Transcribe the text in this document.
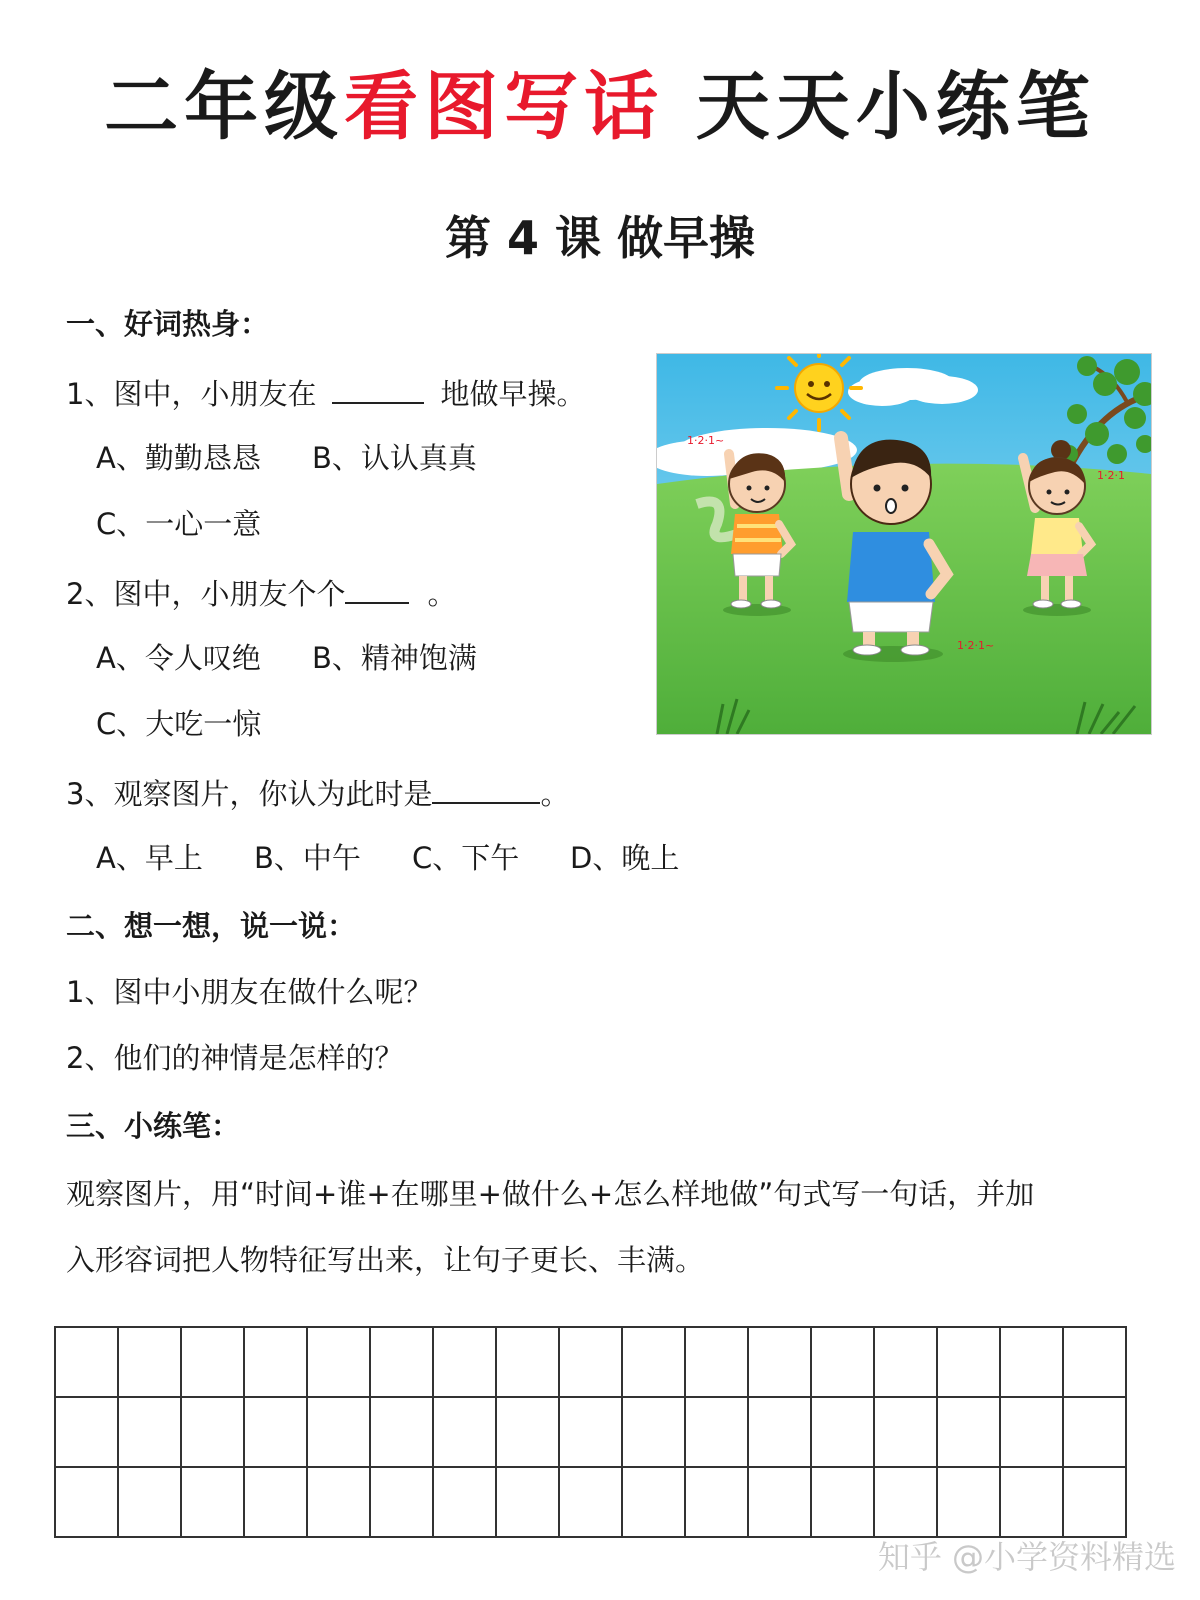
二年级看图写话 天天小练笔
第 4 课 做早操
一、好词热身：
1、图中，小朋友在	地做早操。
A、勤勤恳恳 B、认认真真
C、一心一意
2、图中，小朋友个个	。
A、令人叹绝 B、精神饱满
C、大吃一惊
3、观察图片，你认为此时是	。
A、早上 B、中午 C、下午 D、晚上
1·2·1~
1·2·1~
1·2·1
二、想一想，说一说：
1、图中小朋友在做什么呢？
2、他们的神情是怎样的？
三、小练笔：
观察图片，用“时间+谁+在哪里+做什么+怎么样地做”句式写一句话，并加
入形容词把人物特征写出来，让句子更长、丰满。

知乎 @小学资料精选
